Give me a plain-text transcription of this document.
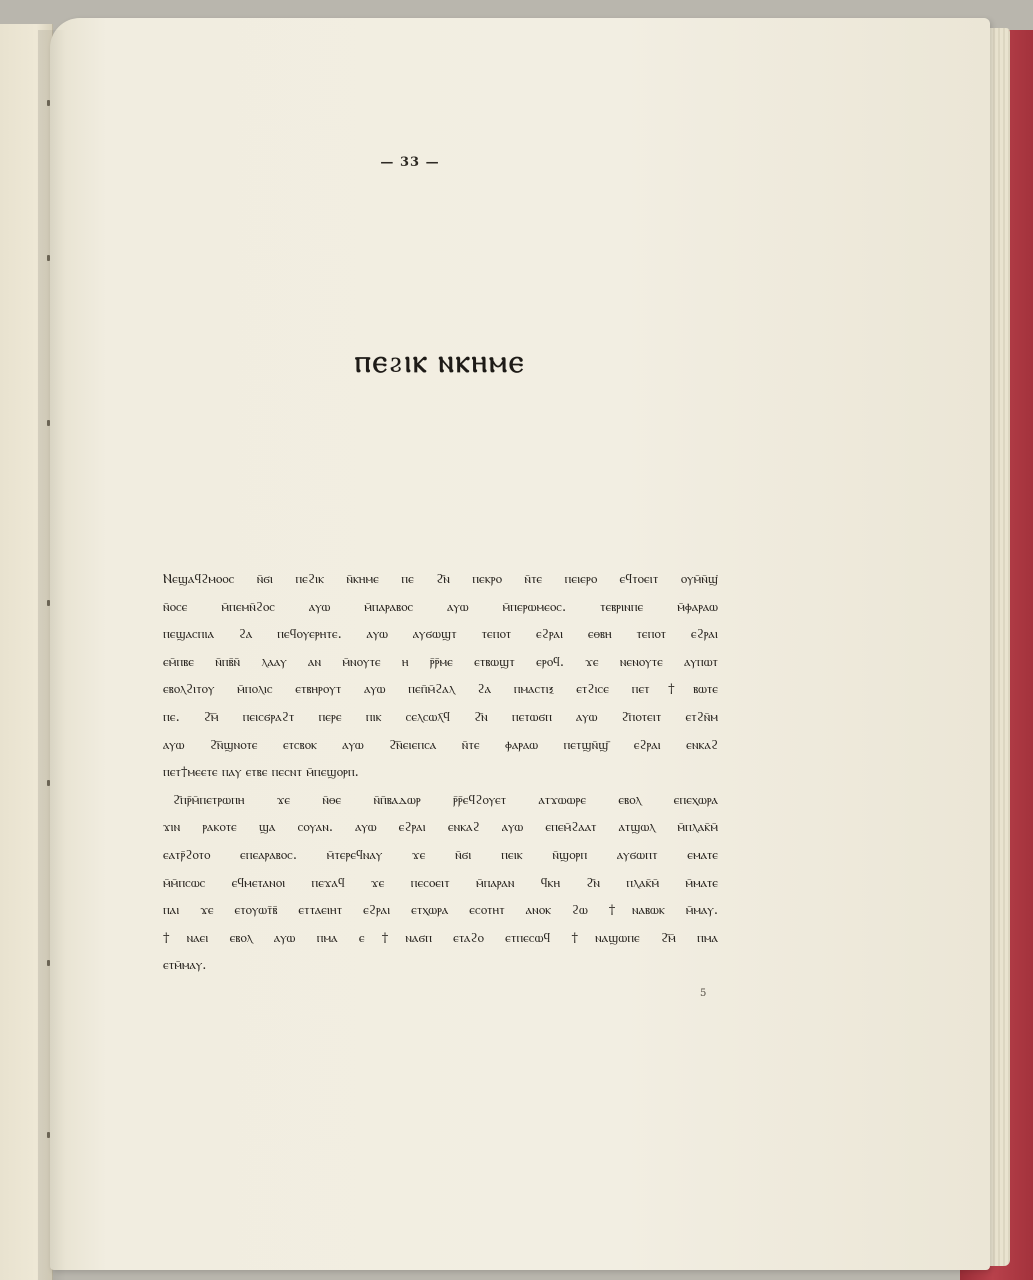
— 33 —
ⲠⲈϨⲒⲔ ⲚⲔⲎⲘⲈ

Ⲛⲉϣⲁϥϩⲙⲟⲟⲥ ⲛ̄ϭⲓ ⲡⲉϩⲓⲕ ⲛ̄ⲕⲏⲙⲉ ⲡⲉ ϩ̄ⲛ ⲡⲉⲕⲣⲟ ⲛ̄ⲧⲉ ⲡⲉⲓⲉⲣⲟ ⲉϥⲧⲟⲉⲓⲧ ⲟⲩⲙ̄ⲛ̄ϣ̄
ⲛ̄ⲟⲥⲉ ⲙ̄ⲡⲉⲙⲛ̄ϩⲟⲥ ⲁⲩⲱ ⲙ̄ⲡⲁⲣⲁⲃⲟⲥ ⲁⲩⲱ ⲙ̄ⲡⲉⲣⲱⲙⲉⲟⲥ. ⲧⲉⲃⲣⲓⲛⲡⲉ ⲙ̄ⲫⲁⲣⲁⲱ
ⲡⲉϣⲁⲥⲡⲓⲁ ϩⲁ ⲡⲉϥⲟⲩⲉⲣⲏⲧⲉ. ⲁⲩⲱ ⲁⲩϭⲱϣⲧ ⲧⲉⲡⲟⲧ ⲉϩⲣⲁⲓ ⲉⲑⲃⲏ ⲧⲉⲡⲟⲧ ⲉϩⲣⲁⲓ
ⲉⲙ̄ⲡⲃⲉ ⲛ̄ⲡⲃ̄ⲛ̄ ⲗⲁⲁⲩ ⲁⲛ ⲙ̄ⲛⲟⲩⲧⲉ ⲏ ⲣ̄ⲣ̄ⲙⲉ ⲉⲧⲃⲱϣⲧ ⲉⲣⲟϥ. ϫⲉ ⲛⲉⲛⲟⲩⲧⲉ ⲁⲩⲡⲱⲧ
ⲉⲃⲟⲗϩⲓⲧⲟⲩ ⲙ̄ⲡⲟⲗⲓⲥ ⲉⲧⲃⲏⲣⲟⲩⲧ ⲁⲩⲱ ⲡⲉⲡ̄ⲙ̄ϩⲁⲗ ϩⲁ ⲡⲙⲁⲥⲧⲓⲝ ⲉⲧϩⲓⲥⲉ ⲡⲉⲧ†ⲃⲱⲧⲉ
ⲡⲉ. ϩ̄ⲙ̄ ⲡⲉⲓⲥϭⲣⲁϩⲧ ⲡⲉⲣⲉ ⲡⲓⲕ ⲥⲉⲗⲥⲱⲗ̄ϥ ϩ̄ⲛ ⲡⲉⲧⲱϭⲡ ⲁⲩⲱ ϩ̄ⲡⲟⲧⲉⲓⲧ ⲉⲧϩⲛ̄ⲙ
ⲁⲩⲱ ϩ̄ⲛ̄ϣⲛⲟⲧⲉ ⲉⲧⲥⲃⲟⲕ ⲁⲩⲱ ϩ̄ⲛ̄ⲉⲓⲉⲡⲥⲁ ⲛ̄ⲧⲉ ⲫⲁⲣⲁⲱ ⲡⲉⲧϣⲛ̄ϣ̄ ⲉϩⲣⲁⲓ ⲉⲛⲕⲁϩ
ⲡⲉⲧ†ⲙⲉⲉⲧⲉ ⲡⲁⲩ ⲉⲧⲃⲉ ⲡⲉⲥⲛⲧ ⲙ̄ⲡⲉϣⲟⲣⲡ.

ϩ̄ⲡⲣ̄ⲙ̄ⲡⲉⲧⲣⲱⲡⲏ ϫⲉ ⲛ̄ⲑⲉ ⲛ̄ⲡ̄ⲃⲁⲇⲱⲣ ⲣ̄ⲣ̄ⲉϥϩⲟⲩⲉⲧ ⲁⲧϫⲱⲱⲣⲉ ⲉⲃⲟⲗ ⲉⲡⲉⲭⲱⲣⲁ
ϫⲓⲛ ⲣⲁⲕⲟⲧⲉ ϣⲁ ⲥⲟⲩⲁⲛ. ⲁⲩⲱ ⲉϩⲣⲁⲓ ⲉⲛⲕⲁϩ ⲁⲩⲱ ⲉⲡⲉⲙ̄ϩⲁⲁⲧ ⲁⲧϣⲱⲗ ⲙ̄ⲡⲗⲁⲕ̄ⲙ̄
ⲉⲁⲧⲣ̄ϩⲟⲧⲟ ⲉⲡⲉⲁⲣⲁⲃⲟⲥ. ⲙ̄ⲧⲉⲣⲉϥⲛⲁⲩ ϫⲉ ⲛ̄ϭⲓ ⲡⲉⲓⲕ ⲛ̄ϣⲟⲣⲡ ⲁⲩϭⲱⲡⲧ ⲉⲙⲁⲧⲉ
ⲙ̄ⲙ̄ⲡⲥⲱⲥ ⲉϥⲙⲉⲧⲁⲛⲟⲓ ⲡⲉϫⲁϥ ϫⲉ ⲡⲉⲥⲟⲉⲓⲧ ⲙ̄ⲡⲁⲣⲁⲛ ϥⲕⲏ ϩ̄ⲛ ⲡⲗⲁⲕ̄ⲙ̄ ⲙ̄ⲙⲁⲧⲉ
ⲡⲁⲓ ϫⲉ ⲉⲧⲟⲩⲱⲧ̄ⲃ̄ ⲉⲧⲧⲁⲉⲓⲏⲧ ⲉϩⲣⲁⲓ ⲉⲧⲭⲱⲣⲁ ⲉⲥⲟⲧⲏⲧ ⲁⲛⲟⲕ ϩⲱ †ⲛⲁⲃⲱⲕ ⲙ̄ⲙⲁⲩ.
†ⲛⲁⲉⲓ ⲉⲃⲟⲗ ⲁⲩⲱ ⲡⲙⲁ ⲉ†ⲛⲁϭⲡ ⲉⲧⲁϩⲟ ⲉⲧⲡⲉⲥⲱϥ †ⲛⲁϣⲱⲡⲉ ϩ̄ⲙ̄ ⲡⲙⲁ
ⲉⲧⲙ̄ⲙⲁⲩ.

5
